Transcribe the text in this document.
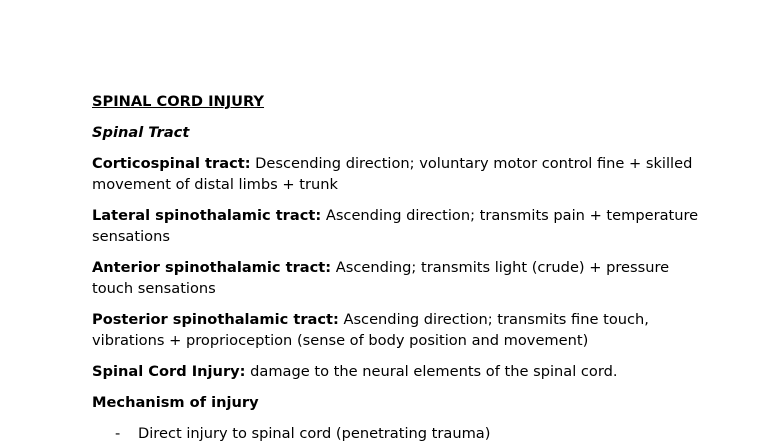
SPINAL CORD INJURY
Spinal Tract
Corticospinal tract: Descending direction; voluntary motor control fine + skilled movement of distal limbs + trunk
Lateral spinothalamic tract: Ascending direction; transmits pain + temperature sensations
Anterior spinothalamic tract: Ascending; transmits light (crude) + pressure touch sensations
Posterior spinothalamic tract: Ascending direction; transmits fine touch, vibrations + proprioception (sense of body position and movement)
Spinal Cord Injury: damage to the neural elements of the spinal cord.
Mechanism of injury
- Direct injury to spinal cord (penetrating trauma)
